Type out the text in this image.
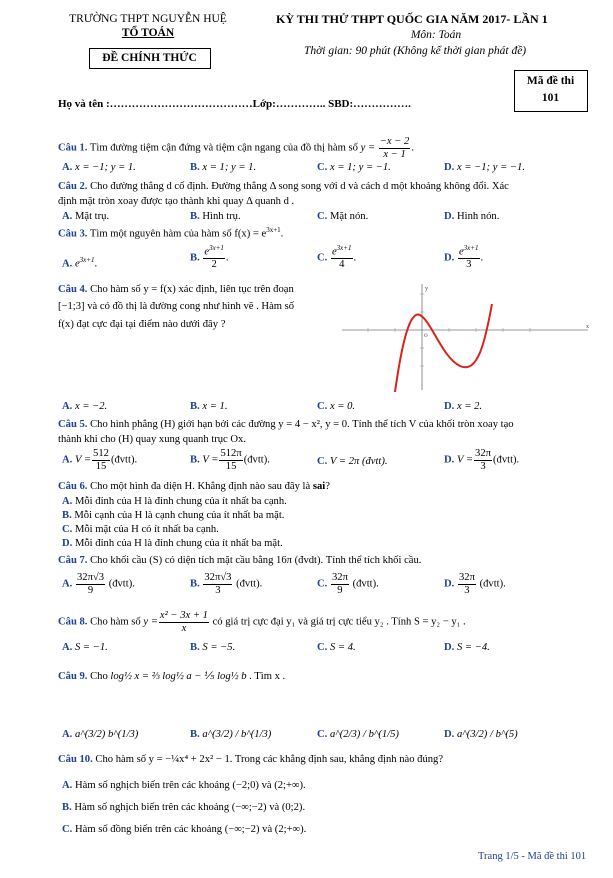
TRƯỜNG THPT NGUYỄN HUỆ
TỔ TOÁN
ĐỀ CHÍNH THỨC
KỲ THI THỬ THPT QUỐC GIA NĂM 2017- LẦN 1
Môn: Toán
Thời gian: 90 phút (Không kể thời gian phát đề)
Mã đề thi
101
Họ và tên :…………………………………Lớp:………….. SBD:…………….
Câu 1. Tìm đường tiệm cận đứng và tiệm cận ngang của đồ thị hàm số $y = \frac{-x - 2}{x - 1}$ .
A. x = −1; y = 1.	B. x = 1; y = 1.	C. x = 1; y = −1.	D. x = −1; y = −1.
Câu 2. Cho đường thẳng d cố định. Đường thẳng Δ song song với d và cách d một khoảng không đổi. Xác
định mặt tròn xoay được tạo thành khi quay Δ quanh d .
A. Mặt trụ.	B. Hình trụ.	C. Mặt nón.	D. Hình nón.
Câu 3. Tìm một nguyên hàm của hàm số $f(x) = e^{3x+1}$.
A. $e^{3x+1}$.
B. $\frac{e^{3x+1}}{2}$ .	C. $\frac{e^{3x+1}}{4}$ .	D. $\frac{e^{3x+1}}{3}$ .
Câu 4. Cho hàm số y = f(x) xác định, liên tục trên đoạn
[−1;3] và có đồ thị là đường cong như hình vẽ . Hàm số
f(x) đạt cực đại tại điểm nào dưới đây ?	x
y
O
A. x = −2.	B. x = 1.	C. x = 0.	D. x = 2.
Câu 5. Cho hình phẳng (H) giới hạn bởi các đường y = 4 − x², y = 0. Tính thể tích V của khối tròn xoay tạo
thành khi cho (H) quay xung quanh trục Ox.
A. $V = \frac{512}{15}$ (đvtt).	B. $V = \frac{512\pi}{15}$ (đvtt).	C. V = 2π (đvtt).	D. $V = \frac{32\pi}{3}$ (đvtt).
Câu 6. Cho một hình đa diện H. Khẳng định nào sau đây là sai?
A. Mỗi đỉnh của H là đỉnh chung của ít nhất ba cạnh.
B. Mỗi cạnh của H là cạnh chung của ít nhất ba mặt.
C. Mỗi mặt của H có ít nhất ba cạnh.
D. Mỗi đỉnh của H là đỉnh chung của ít nhất ba mặt.
Câu 7. Cho khối cầu (S) có diện tích mặt cầu bằng 16π (đvdt). Tính thể tích khối cầu.
A. $\frac{32\pi√3}{9}$ (đvtt).	B. $\frac{32\pi√3}{3}$ (đvtt).	C. $\frac{32\pi}{9}$ (đvtt).	D. $\frac{32\pi}{3}$ (đvtt).
Câu 8. Cho hàm số $y = \frac{\text{x² − 3x + 1}}{x}$ có giá trị cực đại y₁ và giá trị cực tiểu y₂ . Tính S = y₂ − y₁ .
A. S = −1.	B. S = −5.	C. S = 4.	D. S = −4.
Câu 9. Cho log½ x = ⅔ log½ a − ⅕ log½ b . Tìm x .
A. a^(3/2) b^(1/3)	B. a^(3/2) / b^(1/3)	C. a^(2/3) / b^(1/5)	D. a^(3/2) / b^(5)
Câu 10. Cho hàm số y = −¼x⁴ + 2x² − 1. Trong các khẳng định sau, khẳng định nào đúng?
A. Hàm số nghịch biến trên các khoảng (−2;0) và (2;+∞).
B. Hàm số nghịch biến trên các khoảng (−∞;−2) và (0;2).
C. Hàm số đồng biến trên các khoảng (−∞;−2) và (2;+∞).
Trang 1/5 - Mã đề thi 101
